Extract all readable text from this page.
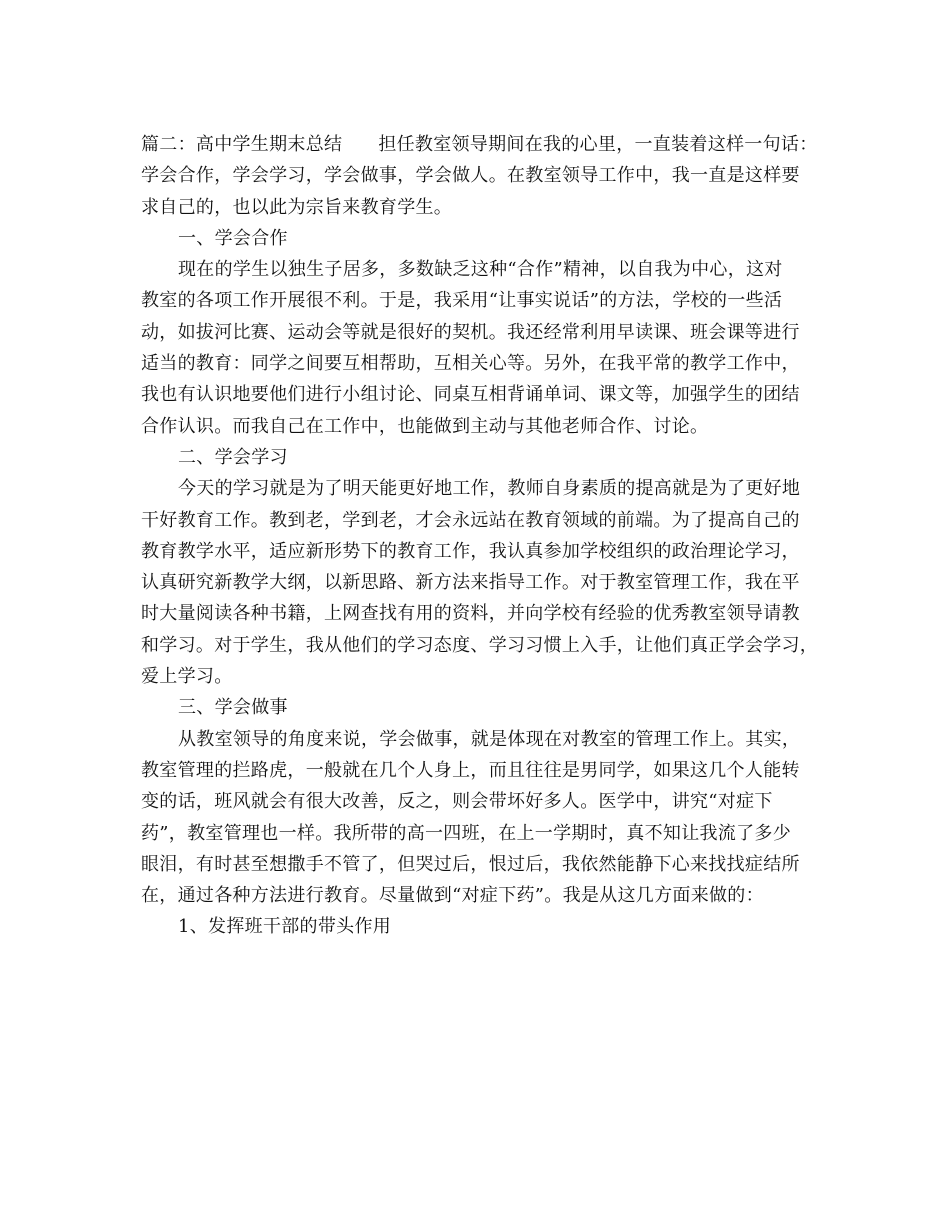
篇二：高中学生期末总结 担任教室领导期间在我的心里，一直装着这样一句话：
学会合作，学会学习，学会做事，学会做人。在教室领导工作中，我一直是这样要
求自己的，也以此为宗旨来教育学生。
一、学会合作
现在的学生以独生子居多，多数缺乏这种“合作”精神，以自我为中心，这对
教室的各项工作开展很不利。于是，我采用“让事实说话”的方法，学校的一些活
动，如拔河比赛、运动会等就是很好的契机。我还经常利用早读课、班会课等进行
适当的教育：同学之间要互相帮助，互相关心等。另外，在我平常的教学工作中，
我也有认识地要他们进行小组讨论、同桌互相背诵单词、课文等，加强学生的团结
合作认识。而我自己在工作中，也能做到主动与其他老师合作、讨论。
二、学会学习
今天的学习就是为了明天能更好地工作，教师自身素质的提高就是为了更好地
干好教育工作。教到老，学到老，才会永远站在教育领域的前端。为了提高自己的
教育教学水平，适应新形势下的教育工作，我认真参加学校组织的政治理论学习，
认真研究新教学大纲，以新思路、新方法来指导工作。对于教室管理工作，我在平
时大量阅读各种书籍，上网查找有用的资料，并向学校有经验的优秀教室领导请教
和学习。对于学生，我从他们的学习态度、学习习惯上入手，让他们真正学会学习，
爱上学习。
三、学会做事
从教室领导的角度来说，学会做事，就是体现在对教室的管理工作上。其实，
教室管理的拦路虎，一般就在几个人身上，而且往往是男同学，如果这几个人能转
变的话，班风就会有很大改善，反之，则会带坏好多人。医学中，讲究“对症下
药”，教室管理也一样。我所带的高一四班，在上一学期时，真不知让我流了多少
眼泪，有时甚至想撒手不管了，但哭过后，恨过后，我依然能静下心来找找症结所
在，通过各种方法进行教育。尽量做到“对症下药”。我是从这几方面来做的：
1、发挥班干部的带头作用
